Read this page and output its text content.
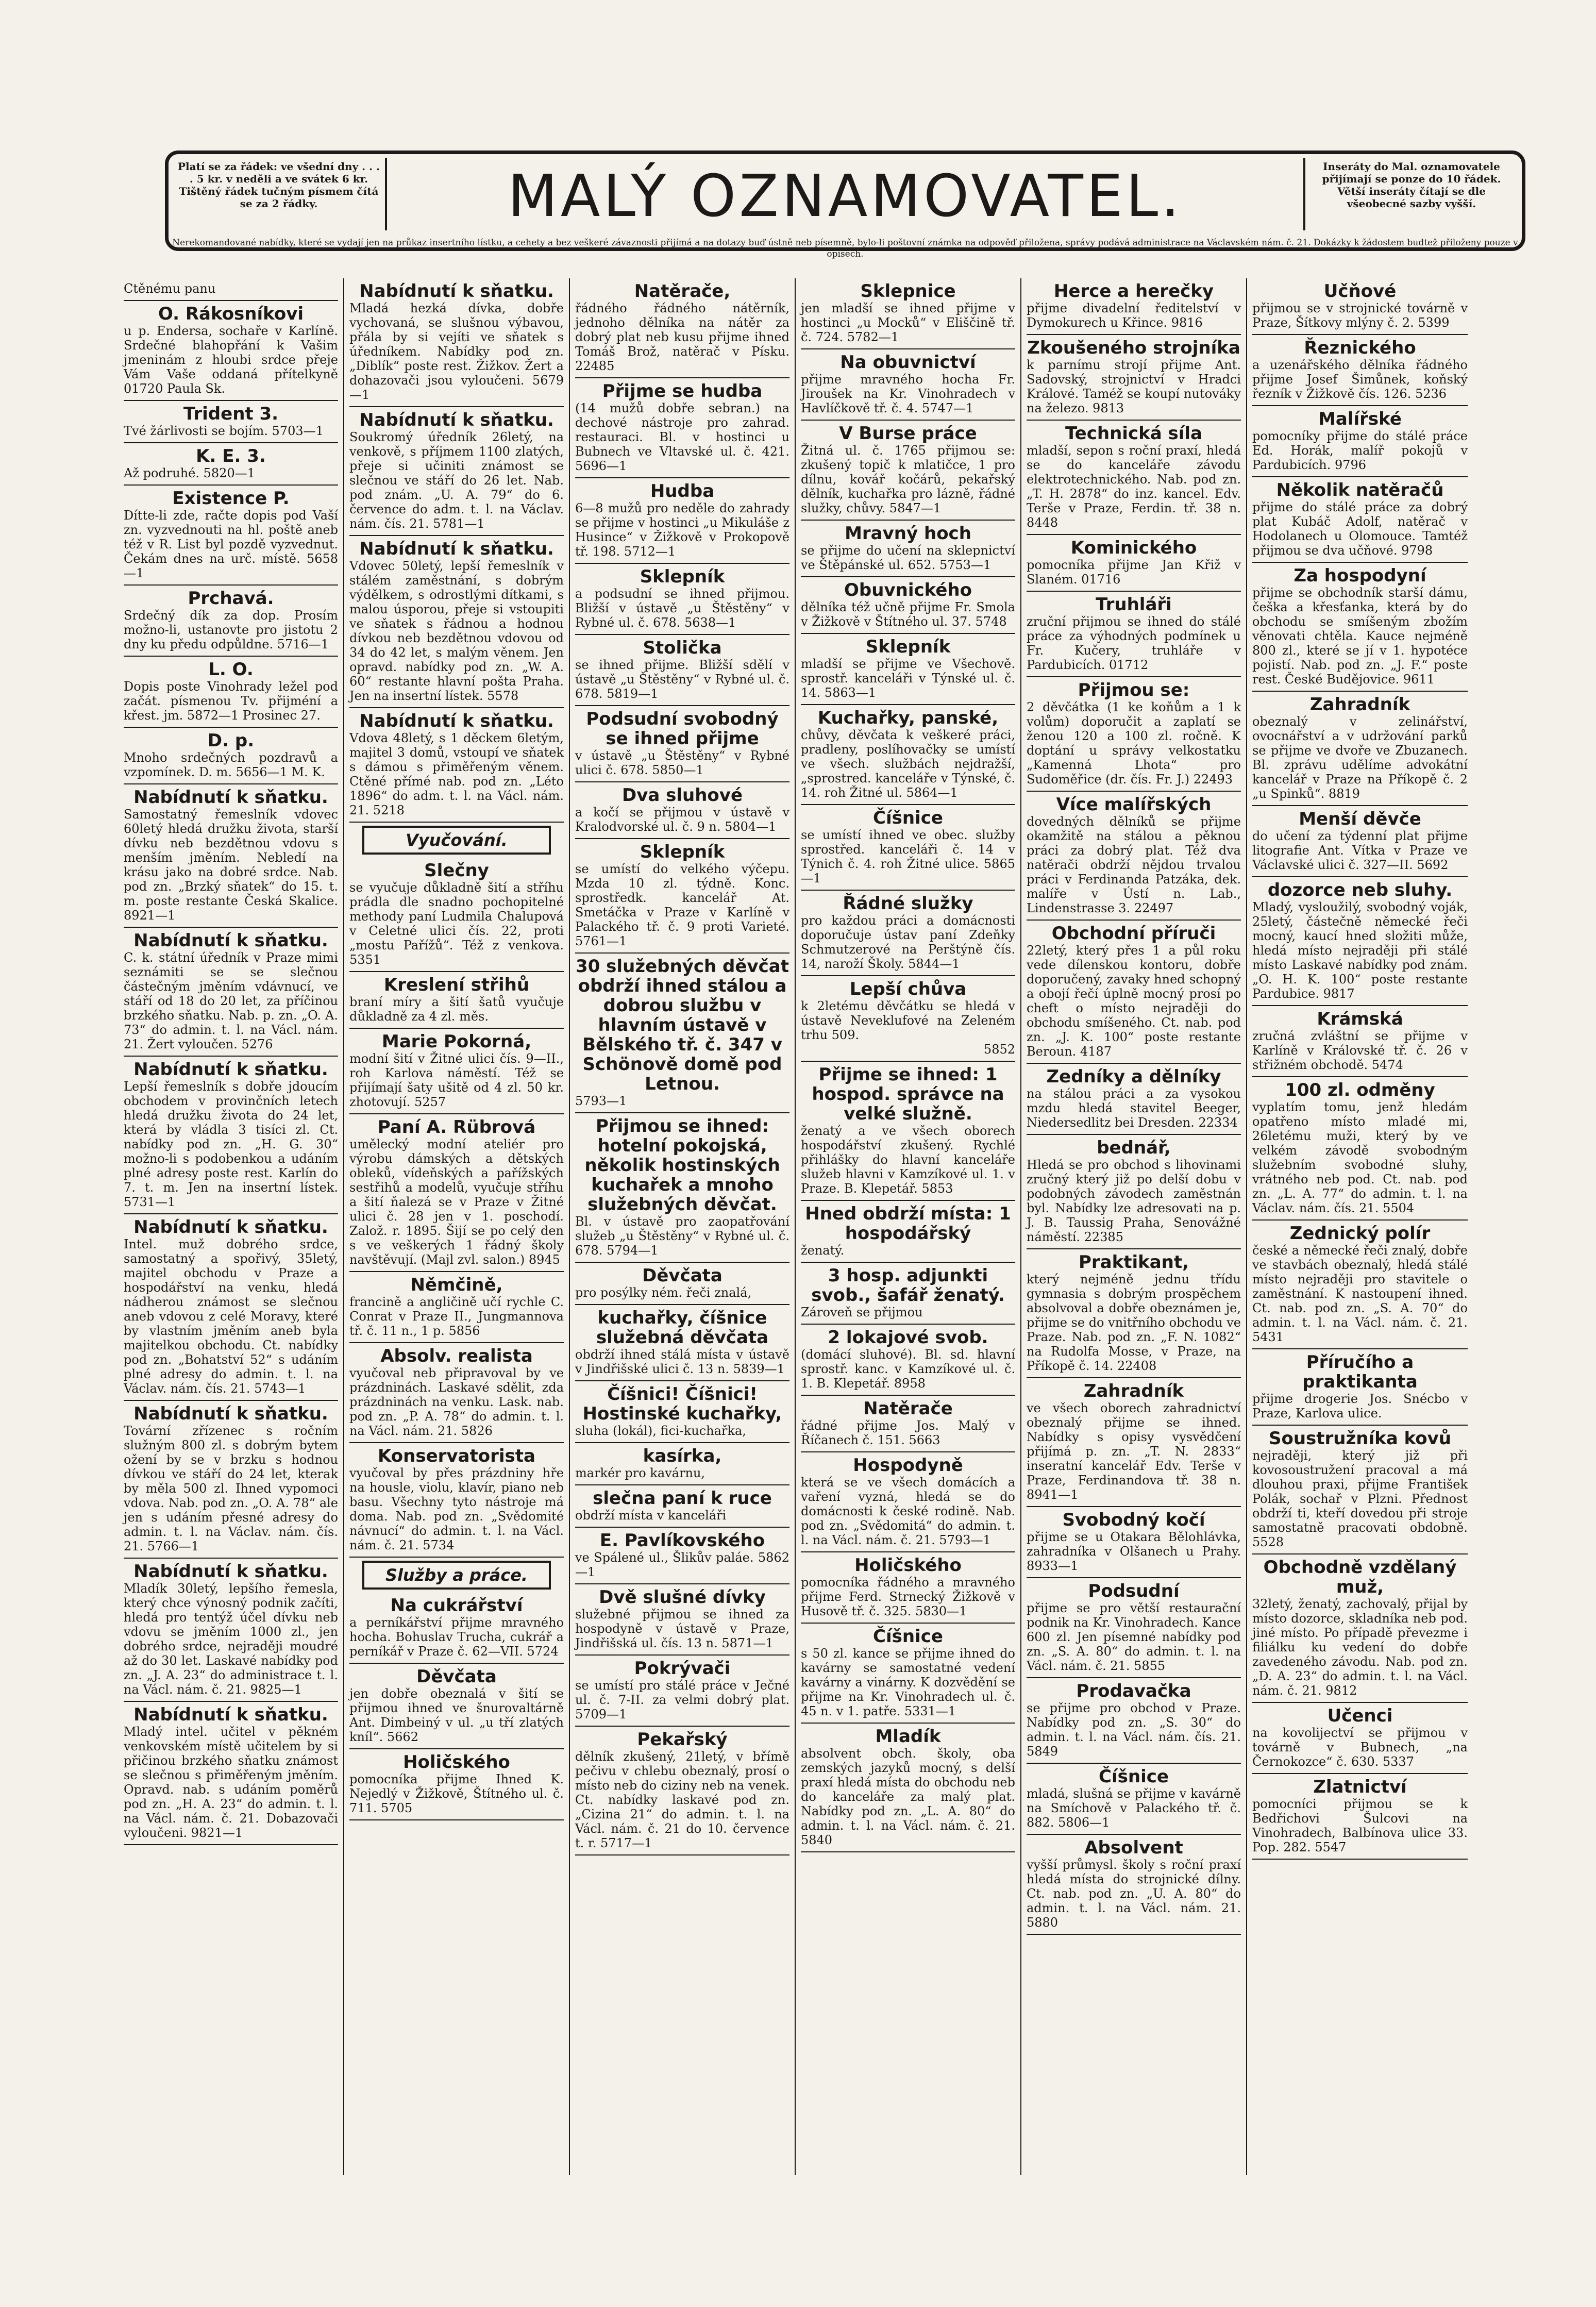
Platí se za řádek: ve všední dny . . . . 5 kr. v neděli a ve svátek 6 kr. Tištěný řádek tučným písmem čítá se za 2 řádky.	MALÝ OZNAMOVATEL.	Inseráty do Mal. oznamovatele přijímají se ponze do 10 řádek. Větší inseráty čítají se dle všeobecné sazby vyšší.
Nerekomandované nabídky, které se vydají jen na průkaz insertního lístku, a cehety a bez veškeré závaznosti přijímá a na dotazy buď ústně neb písemně, bylo-li poštovní známka na odpověď přiložena, správy podává administrace na Václavském nám. č. 21. Dokázky k žádostem budtež přiloženy pouze v opisech.
Ctěnému panu
O. Rákosníkovi
u p. Endersa, sochaře v Karlíně. Srdečné blahopřání k Vašim jmeninám z hloubi srdce přeje Vám Vaše oddaná přítelkyně 01720 Paula Sk.
Trident 3.
Tvé žárlivosti se bojím. 5703—1
K. E. 3.
Až podruhé. 5820—1
Existence P.
Dítte-li zde, račte dopis pod Vaší zn. vyzvednouti na hl. poště aneb též v R. List byl pozdě vyzvednut. Čekám dnes na urč. místě. 5658—1
Prchavá.
Srdečný dík za dop. Prosím možno-li, ustanovte pro jistotu 2 dny ku předu odpůldne. 5716—1
L. O.
Dopis poste Vinohrady ležel pod začát. písmenou Tv. přijméní a křest. jm. 5872—1 Prosinec 27.
D. p.
Mnoho srdečných pozdravů a vzpomínek. D. m. 5656—1 M. K.
Nabídnutí k sňatku.
Samostatný řemeslník vdovec 60letý hledá družku života, starší dívku neb bezdětnou vdovu s menším jměním. Nebledí na krásu jako na dobré srdce. Nab. pod zn. „Brzký sňatek“ do 15. t. m. poste restante Česká Skalice. 8921—1
Nabídnutí k sňatku.
C. k. státní úředník v Praze mimi seznámiti se se slečnou částečným jměním vdávnucí, ve stáří od 18 do 20 let, za příčinou brzkého sňatku. Nab. p. zn. „O. A. 73“ do admin. t. l. na Václ. nám. 21. Žert vyloučen. 5276
Nabídnutí k sňatku.
Lepší řemeslník s dobře jdoucím obchodem v provinčních letech hledá družku života do 24 let, která by vládla 3 tisíci zl. Ct. nabídky pod zn. „H. G. 30“ možno-li s podobenkou a udáním plné adresy poste rest. Karlín do 7. t. m. Jen na insertní lístek. 5731—1
Nabídnutí k sňatku.
Intel. muž dobrého srdce, samostatný a spořivý, 35letý, majitel obchodu v Praze a hospodářství na venku, hledá nádherou známost se slečnou aneb vdovou z celé Moravy, které by vlastním jměním aneb byla majitelkou obchodu. Ct. nabídky pod zn. „Bohatství 52“ s udáním plné adresy do admin. t. l. na Václav. nám. čís. 21. 5743—1
Nabídnutí k sňatku.
Tovární zřízenec s ročním služným 800 zl. s dobrým bytem ožení by se v brzku s hodnou dívkou ve stáří do 24 let, kterak by měla 500 zl. Ihned vypomoci vdova. Nab. pod zn. „O. A. 78“ ale jen s udáním přesné adresy do admin. t. l. na Václav. nám. čís. 21. 5766—1
Nabídnutí k sňatku.
Mladík 30letý, lepšího řemesla, který chce výnosný podnik začíti, hledá pro tentýž účel dívku neb vdovu se jměním 1000 zl., jen dobrého srdce, nejraději moudré až do 30 let. Laskavé nabídky pod zn. „J. A. 23“ do administrace t. l. na Václ. nám. č. 21. 9825—1
Nabídnutí k sňatku.
Mladý intel. učitel v pěkném venkovském místě učitelem by si přičinou brzkého sňatku známost se slečnou s přiměřeným jměním. Opravd. nab. s udáním poměrů pod zn. „H. A. 23“ do admin. t. l. na Václ. nám. č. 21. Dobazovači vyloučeni. 9821—1
Nabídnutí k sňatku.
Mladá hezká dívka, dobře vychovaná, se slušnou výbavou, přála by si vejíti ve sňatek s úředníkem. Nabídky pod zn. „Diblík“ poste rest. Žižkov. Žert a dohazovači jsou vyloučeni. 5679—1
Nabídnutí k sňatku.
Soukromý úředník 26letý, na venkově, s příjmem 1100 zlatých, přeje si učiniti známost se slečnou ve stáří do 26 let. Nab. pod znám. „U. A. 79“ do 6. července do adm. t. l. na Václav. nám. čís. 21. 5781—1
Nabídnutí k sňatku.
Vdovec 50letý, lepší řemeslník v stálém zaměstnání, s dobrým výdělkem, s odrostlými dítkami, s malou úsporou, přeje si vstoupiti ve sňatek s řádnou a hodnou dívkou neb bezdětnou vdovou od 34 do 42 let, s malým věnem. Jen opravd. nabídky pod zn. „W. A. 60“ restante hlavní pošta Praha. Jen na insertní lístek. 5578
Nabídnutí k sňatku.
Vdova 48letý, s 1 děckem 6letým, majitel 3 domů, vstoupí ve sňatek s dámou s přiměřeným věnem. Ctěné přímé nab. pod zn. „Léto 1896“ do adm. t. l. na Václ. nám. 21. 5218
Vyučování.
Slečny
se vyučuje důkladně šití a stříhu prádla dle snadno pochopitelné methody paní Ludmila Chalupová v Celetné ulici čís. 22, proti „mostu Pařížů“. Též z venkova. 5351
Kreslení střihů
braní míry a šití šatů vyučuje důkladně za 4 zl. měs.
Marie Pokorná,
modní šití v Žitné ulici čís. 9—II., roh Karlova náměstí. Též se přijímají šaty ušitě od 4 zl. 50 kr. zhotovují. 5257
Paní A. Rübrová
umělecký modní ateliér pro výrobu dámských a dětských obleků, vídeňských a pařížských sestřihů a modelů, vyučuje stříhu a šití ňalezá se v Praze v Žitné ulici č. 28 jen v 1. poschodí. Založ. r. 1895. Šijí se po celý den s ve veškerých 1 řádný školy navštěvují. (Majl zvl. salon.) 8945
Němčině,
francině a angličině učí rychle C. Conrat v Praze II., Jungmannova tř. č. 11 n., 1 p. 5856
Absolv. realista
vyučoval neb připravoval by ve prázdninách. Laskavé sdělit, zda prázdninách na venku. Lask. nab. pod zn. „P. A. 78“ do admin. t. l. na Václ. nám. 21. 5826
Konservatorista
vyučoval by přes prázdniny hře na housle, violu, klavír, piano neb basu. Všechny tyto nástroje má doma. Nab. pod zn. „Svědomité návnucí“ do admin. t. l. na Václ. nám. č. 21. 5734
Služby a práce.
Na cukrářství
a perníkářství přijme mravného hocha. Bohuslav Trucha, cukrář a perníkář v Praze č. 62—VII. 5724
Děvčata
jen dobře obeznalá v šití se přijmou ihned ve šnurovaltárně Ant. Dimbeiný v ul. „u tří zlatých kníl“. 5662
Holičského
pomocníka přijme Ihned K. Nejedlý v Žižkově, Štítného ul. č. 711. 5705
Natěrače,
řádného řádného nátěrník, jednoho dělníka na nátěr za dobrý plat neb kusu přijme ihned Tomáš Brož, natěrač v Písku. 22485
Přijme se hudba
(14 mužů dobře sebran.) na dechové nástroje pro zahrad. restauraci. Bl. v hostinci u Bubnech ve Vltavské ul. č. 421. 5696—1
Hudba
6—8 mužů pro neděle do zahrady se přijme v hostinci „u Mikuláše z Husince“ v Žižkově v Prokopově tř. 198. 5712—1
Sklepník
a podsudní se ihned přijmou. Bližší v ústavě „u Štěstěny“ v Rybné ul. č. 678. 5638—1
Stolička
se ihned přijme. Bližší sdělí v ústavě „u Štěstěny“ v Rybné ul. č. 678. 5819—1
Podsudní svobodný se ihned přijme
v ústavě „u Štěstěny“ v Rybné ulici č. 678. 5850—1
Dva sluhové
a kočí se přijmou v ústavě v Kralodvorské ul. č. 9 n. 5804—1
Sklepník
se umístí do velkého výčepu. Mzda 10 zl. týdně. Konc. sprostředk. kancelář At. Smetáčka v Praze v Karlíně v Palackého tř. č. 9 proti Varieté. 5761—1
30 služebných děvčat obdrží ihned stálou a dobrou službu v hlavním ústavě v Bělského tř. č. 347 v Schönově domě pod Letnou.
5793—1
Přijmou se ihned: hotelní pokojská, několik hostinských kuchařek a mnoho služebných děvčat.
Bl. v ústavě pro zaopatřování služeb „u Štěstěny“ v Rybné ul. č. 678. 5794—1
Děvčata
pro posýlky ném. řeči znalá,
kuchařky, číšnice služebná děvčata
obdrží ihned stálá místa v ústavě v Jindřišské ulici č. 13 n. 5839—1
Číšnici! Číšnici! Hostinské kuchařky,
sluha (lokál), fici-kuchařka,
kasírka,
markér pro kavárnu,
slečna paní k ruce
obdrží místa v kanceláři
E. Pavlíkovského
ve Spálené ul., Šlikův paláe. 5862—1
Dvě slušné dívky
služebné přijmou se ihned za hospodyně v ústavě v Praze, Jindřišská ul. čís. 13 n. 5871—1
Pokrývači
se umístí pro stálé práce v Ječné ul. č. 7-II. za velmi dobrý plat. 5709—1
Pekařský
dělník zkušený, 21letý, v břímě pečivu v chlebu obeznalý, prosí o místo neb do ciziny neb na venek. Ct. nabídky laskavé pod zn. „Cizina 21“ do admin. t. l. na Václ. nám. č. 21 do 10. července t. r. 5717—1
Sklepnice
jen mladší se ihned přijme v hostinci „u Mocků“ v Eliščině tř. č. 724. 5782—1
Na obuvnictví
přijme mravného hocha Fr. Jiroušek na Kr. Vinohradech v Havlíčkově tř. č. 4. 5747—1
V Burse práce
Žitná ul. č. 1765 přijmou se: zkušený topič k mlatičce, 1 pro dílnu, kovář kočárů, pekařský dělník, kuchařka pro lázně, řádné služky, chůvy. 5847—1
Mravný hoch
se přijme do učení na sklepnictví ve Štěpánské ul. 652. 5753—1
Obuvnického
dělníka též učně přijme Fr. Smola v Žižkově v Štítného ul. 37. 5748
Sklepník
mladší se přijme ve Všechově. sprostř. kanceláři v Týnské ul. č. 14. 5863—1
Kuchařky, panské,
chůvy, děvčata k veškeré práci, pradleny, poslíhovačky se umístí ve všech. službách nejdražší, „sprostred. kanceláře v Týnské, č. 14. roh Žitné ul. 5864—1
Číšnice
se umístí ihned ve obec. služby sprostřed. kanceláři č. 14 v Týnich č. 4. roh Žitné ulice. 5865—1
Řádné služky
pro každou práci a domácnosti doporučuje ústav paní Zdeňky Schmutzerové na Perštýně čís. 14, naroží Školy. 5844—1
Lepší chůva
k 2letému děvčátku se hledá v ústavě Neveklufové na Zeleném trhu 509.
5852
Přijme se ihned: 1 hospod. správce na velké služně.
ženatý a ve všech oborech hospodářství zkušený. Rychlé přihlášky do hlavní kanceláře služeb hlavni v Kamzíkové ul. 1. v Praze. B. Klepetář. 5853
Hned obdrží místa: 1 hospodářský
ženatý.
3 hosp. adjunkti svob., šafář ženatý.
Zároveň se přijmou
2 lokajové svob.
(domácí sluhové). Bl. sd. hlavní sprostř. kanc. v Kamzíkové ul. č. 1. B. Klepetář. 8958
Natěrače
řádné přijme Jos. Malý v Říčanech č. 151. 5663
Hospodyně
která se ve všech domácích a vaření vyzná, hledá se do domácnosti k české rodině. Nab. pod zn. „Svědomitá“ do admin. t. l. na Václ. nám. č. 21. 5793—1
Holičského
pomocníka řádného a mravného přijme Ferd. Strnecký Žižkově v Husově tř. č. 325. 5830—1
Číšnice
s 50 zl. kance se přijme ihned do kavárny se samostatné vedení kavárny a vinárny. K dozvědění se přijme na Kr. Vinohradech ul. č. 45 n. v 1. patře. 5331—1
Mladík
absolvent obch. školy, oba zemských jazyků mocný, s delší praxí hledá místa do obchodu neb do kanceláře za malý plat. Nabídky pod zn. „L. A. 80“ do admin. t. l. na Václ. nám. č. 21. 5840
Herce a herečky
přijme divadelní ředitelství v Dymokurech u Křince. 9816
Zkoušeného strojníka
k parnímu strojí přijme Ant. Sadovský, strojnictví v Hradci Králové. Taméž se koupí nutováky na železo. 9813
Technická síla
mladší, sepon s roční praxí, hledá se do kanceláře závodu elektrotechnického. Nab. pod zn. „T. H. 2878“ do inz. kancel. Edv. Terše v Praze, Ferdin. tř. 38 n. 8448
Kominického
pomocníka přijme Jan Křiž v Slaném. 01716
Truhláři
zruční přijmou se ihned do stálé práce za výhodných podmínek u Fr. Kučery, truhláře v Pardubicích. 01712
Přijmou se:
2 děvčátka (1 ke koňům a 1 k volům) doporučit a zaplatí se ženou 120 a 100 zl. ročně. K doptání u správy velkostatku „Kamenná Lhota“ pro Sudoměřice (dr. čís. Fr. J.) 22493
Více malířských
dovedných dělníků se přijme okamžitě na stálou a pěknou práci za dobrý plat. Též dva natěrači obdrží nějdou trvalou práci v Ferdinanda Patzáka, dek. malíře v Ústí n. Lab., Lindenstrasse 3. 22497
Obchodní příruči
22letý, který přes 1 a půl roku vede dílenskou kontoru, dobře doporučený, zavaky hned schopný a obojí řečí úplně mocný prosí po cheft o místo nejraději do obchodu smíšeného. Ct. nab. pod zn. „J. K. 100“ poste restante Beroun. 4187
Zedníky a dělníky
na stálou práci a za vysokou mzdu hledá stavitel Beeger, Niedersedlitz bei Dresden. 22334
bednář,
Hledá se pro obchod s lihovinami zručný který již po delší dobu v podobných závodech zaměstnán byl. Nabídky lze adresovati na p. J. B. Taussig Praha, Senovážné náměstí. 22385
Praktikant,
který nejméně jednu třídu gymnasia s dobrým prospěchem absolvoval a dobře obeznámen je, přijme se do vnitřního obchodu ve Praze. Nab. pod zn. „F. N. 1082“ na Rudolfa Mosse, v Praze, na Příkopě č. 14. 22408
Zahradník
ve všech oborech zahradnictví obeznalý přijme se ihned. Nabídky s opisy vysvědčení přijímá p. zn. „T. N. 2833“ inseratní kancelář Edv. Terše v Praze, Ferdinandova tř. 38 n. 8941—1
Svobodný kočí
přijme se u Otakara Bělohlávka, zahradníka v Olšanech u Prahy. 8933—1
Podsudní
přijme se pro větší restaurační podnik na Kr. Vinohradech. Kance 600 zl. Jen písemné nabídky pod zn. „S. A. 80“ do admin. t. l. na Václ. nám. č. 21. 5855
Prodavačka
se přijme pro obchod v Praze. Nabídky pod zn. „S. 30“ do admin. t. l. na Václ. nám. čís. 21. 5849
Číšnice
mladá, slušná se přijme v kavárně na Smíchově v Palackého tř. č. 882. 5806—1
Absolvent
vyšší průmysl. školy s roční praxí hledá místa do strojnické dílny. Ct. nab. pod zn. „U. A. 80“ do admin. t. l. na Václ. nám. 21. 5880
Učňové
přijmou se v strojnické továrně v Praze, Šítkovy mlýny č. 2. 5399
Řeznického
a uzenářského dělníka řádného přijme Josef Šimůnek, koňský řezník v Žižkově čís. 126. 5236
Malířské
pomocníky přijme do stálé práce Ed. Horák, malíř pokojů v Pardubicích. 9796
Několik natěračů
přijme do stálé práce za dobrý plat Kubáč Adolf, natěrač v Hodolanech u Olomouce. Tamtéž přijmou se dva učňové. 9798
Za hospodyní
přijme se obchodník starší dámu, češka a křesťanka, která by do obchodu se smíšeným zbožím věnovati chtěla. Kauce nejméně 800 zl., které se jí v 1. hypotéce pojistí. Nab. pod zn. „J. F.“ poste rest. České Budějovice. 9611
Zahradník
obeznalý v zelinářství, ovocnářství a v udržování parků se přijme ve dvoře ve Zbuzanech. Bl. zprávu udělíme advokátní kancelář v Praze na Příkopě č. 2 „u Spinků“. 8819
Menší děvče
do učení za týdenní plat přijme litografie Ant. Vítka v Praze ve Václavské ulici č. 327—II. 5692
dozorce neb sluhy.
Mladý, vysloužilý, svobodný voják, 25letý, částečně německé řeči mocný, kaucí hned složiti může, hledá místo nejraději při stálé místo Laskavé nabídky pod znám. „O. H. K. 100“ poste restante Pardubice. 9817
Krámská
zručná zvláštní se přijme v Karlíně v Královské tř. č. 26 v střižném obchodě. 5474
100 zl. odměny
vyplatím tomu, jenž hledám opatřeno místo mladé mi, 26letému muži, který by ve velkém závodě svobodným služebním svobodné sluhy, vrátného neb pod. Ct. nab. pod zn. „L. A. 77“ do admin. t. l. na Václav. nám. čís. 21. 5504
Zednický polír
české a německé řeči znalý, dobře ve stavbách obeznalý, hledá stálé místo nejraději pro stavitele o zaměstnání. K nastoupení ihned. Ct. nab. pod zn. „S. A. 70“ do admin. t. l. na Václ. nám. č. 21. 5431
Příručího a praktikanta
přijme drogerie Jos. Snécbo v Praze, Karlova ulice.
Soustružníka kovů
nejraději, který již při kovosoustružení pracoval a má dlouhou praxi, přijme František Polák, sochař v Plzni. Přednost obdrží ti, kteří dovedou při stroje samostatně pracovati obdobně. 5528
Obchodně vzdělaný muž,
32letý, ženatý, zachovalý, přijal by místo dozorce, skladníka neb pod. jiné místo. Po případě převezme i filiálku ku vedení do dobře zavedeného závodu. Nab. pod zn. „D. A. 23“ do admin. t. l. na Václ. nám. č. 21. 9812
Učenci
na kovolijectví se přijmou v továrně v Bubnech, „na Černokozce“ č. 630. 5337
Zlatnictví
pomocníci přijmou se k Bedřichovi Šulcovi na Vinohradech, Balbínova ulice 33. Pop. 282. 5547
